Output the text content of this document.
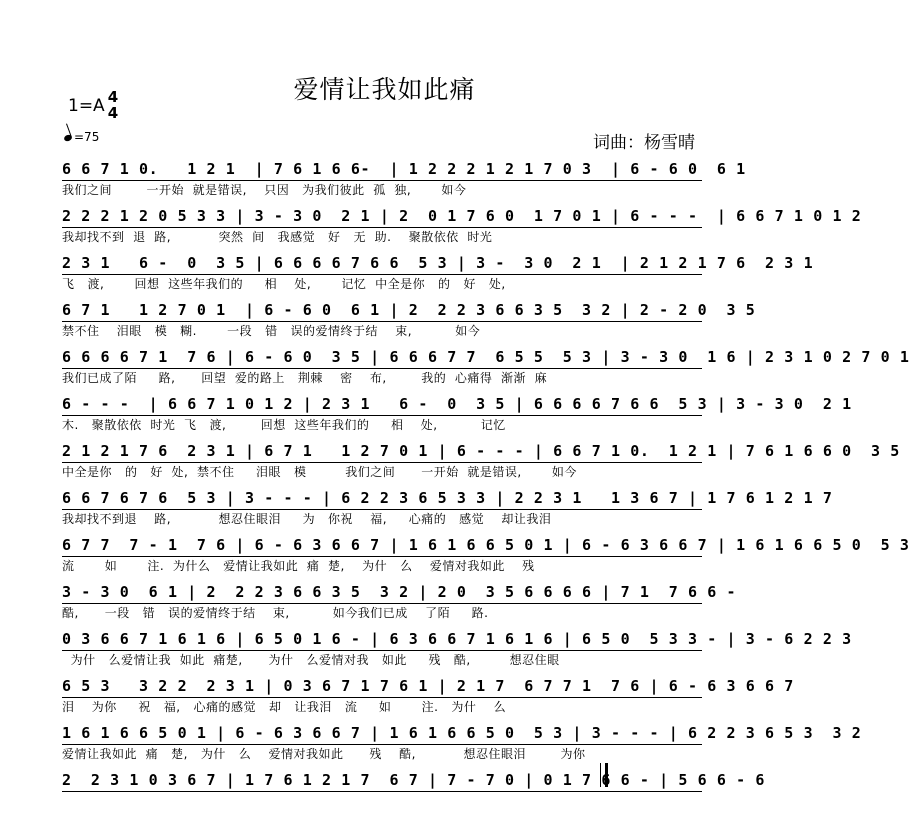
爱情让我如此痛
1=A 4
4
=75	词曲：杨雪晴
6 6 7 1 0.   1 2 1  | 7 6 1 6 6-  | 1 2 2 2 1 2 1 7 0 3  | 6 - 6 0  6 1
我们之间        一开始  就是错误,    只因   为我们彼此  孤  独,       如今
2 2 2 1 2 0 5 3 3 | 3 - 3 0  2 1 | 2  0 1 7 6 0  1 7 0 1 | 6 - - -  | 6 6 7 1 0 1 2
我却找不到  退  路,           突然  间   我感觉   好   无  助.    聚散依依  时光
2 3 1   6 -  0  3 5 | 6 6 6 6 7 6 6  5 3 | 3 -  3 0  2 1  | 2 1 2 1 7 6  2 3 1
飞   渡,       回想  这些年我们的     相    处,       记忆  中全是你   的   好   处,
6 7 1   1 2 7 0 1  | 6 - 6 0  6 1 | 2  2 2 3 6 6 3 5  3 2 | 2 - 2 0  3 5
禁不住    泪眼   模   糊.       一段   错   误的爱情终于结    束,          如今
6 6 6 6 7 1  7 6 | 6 - 6 0  3 5 | 6 6 6 7 7  6 5 5  5 3 | 3 - 3 0  1 6 | 2 3 1 0 2 7 0 1
我们已成了陌     路,      回望  爱的路上   荆棘    密    布,        我的  心痛得  渐渐  麻
6 - - -  | 6 6 7 1 0 1 2 | 2 3 1   6 -  0  3 5 | 6 6 6 6 7 6 6  5 3 | 3 - 3 0  2 1
木.   聚散依依  时光  飞   渡,        回想  这些年我们的     相    处,          记忆
2 1 2 1 7 6  2 3 1 | 6 7 1   1 2 7 0 1 | 6 - - - | 6 6 7 1 0.  1 2 1 | 7 6 1 6 6 0  3 5
中全是你   的   好  处,  禁不住     泪眼   模         我们之间      一开始  就是错误,       如今
6 6 7 6 7 6  5 3 | 3 - - - | 6 2 2 3 6 5 3 3 | 2 2 3 1   1 3 6 7 | 1 7 6 1 2 1 7
我却找不到退    路,           想忍住眼泪     为   你祝    福,     心痛的   感觉    却让我泪
6 7 7  7 - 1  7 6 | 6 - 6 3 6 6 7 | 1 6 1 6 6 5 0 1 | 6 - 6 3 6 6 7 | 1 6 1 6 6 5 0  5 3
流       如       注.  为什么   爱情让我如此  痛  楚,    为什   么    爱情对我如此    残
3 - 3 0  6 1 | 2  2 2 3 6 6 3 5  3 2 | 2 0  3 5 6 6 6 6 | 7 1  7 6 6 -
酷,      一段   错   误的爱情终于结    束,          如今我们已成    了陌     路.
0 3 6 6 7 1 6 1 6 | 6 5 0 1 6 - | 6 3 6 6 7 1 6 1 6 | 6 5 0  5 3 3 - | 3 - 6 2 2 3
为什   么爱情让我  如此  痛楚,      为什   么爱情对我   如此     残   酷,         想忍住眼
6 5 3   3 2 2  2 3 1 | 0 3 6 7 1 7 6 1 | 2 1 7  6 7 7 1  7 6 | 6 - 6 3 6 6 7
泪    为你     祝   福,   心痛的感觉   却   让我泪   流     如       注.   为什    么
1 6 1 6 6 5 0 1 | 6 - 6 3 6 6 7 | 1 6 1 6 6 5 0  5 3 | 3 - - - | 6 2 2 3 6 5 3  3 2
爱情让我如此  痛   楚,   为什   么    爱情对我如此      残    酷,           想忍住眼泪        为你
2  2 3 1 0 3 6 7 | 1 7 6 1 2 1 7  6 7 | 7 - 7 0 | 0 1 7 6 6 - | 5 6 6 - 6
